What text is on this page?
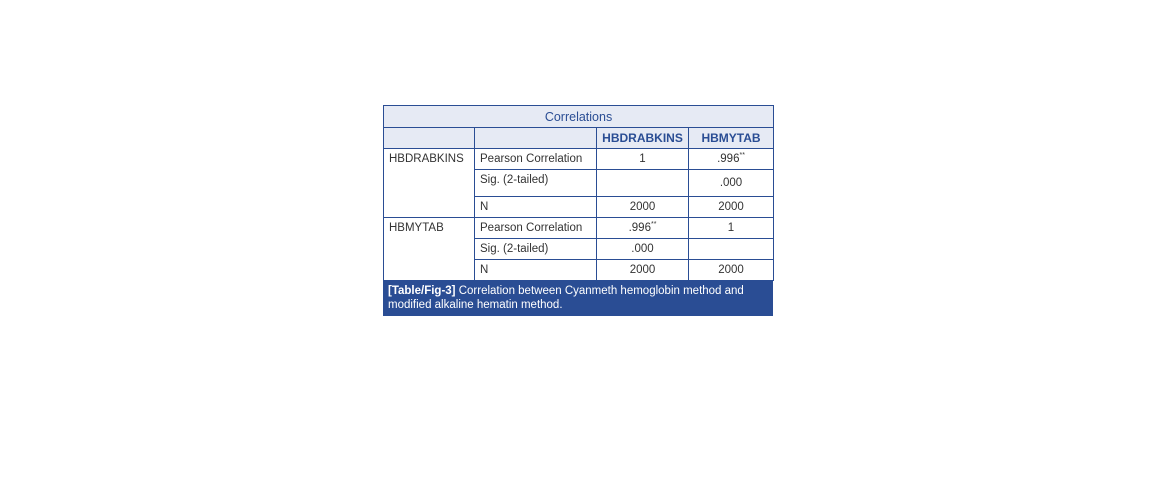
Correlations			
		HBDRABKINS	HBMYTAB
HBDRABKINS	Pearson Correlation	1	.996**
	Sig. (2-tailed)		.000
	N	2000	2000
HBMYTAB	Pearson Correlation	.996**	1
	Sig. (2-tailed)	.000	
	N	2000	2000
[Table/Fig-3] Correlation between Cyanmeth hemoglobin method and modified alkaline hematin method.
